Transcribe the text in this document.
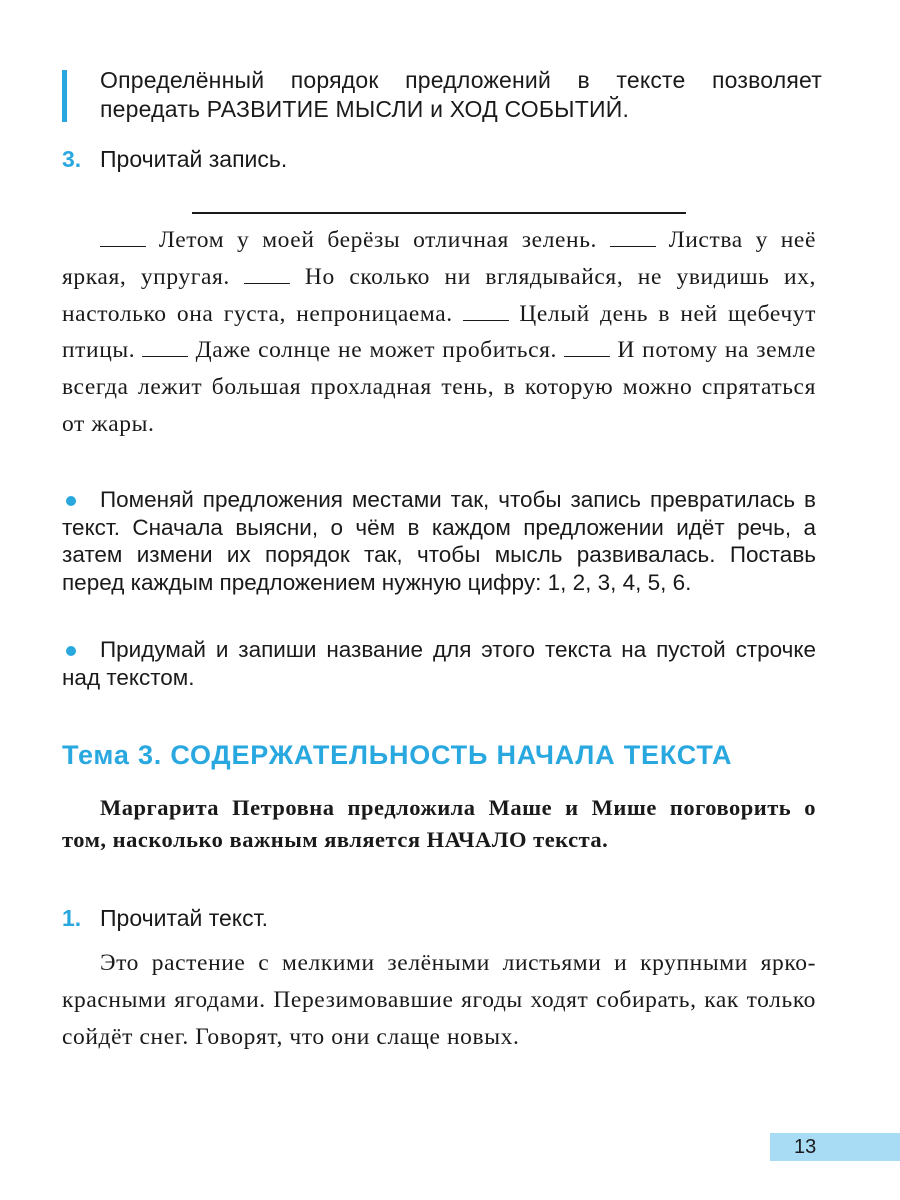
Определённый порядок предложений в тексте позволяет передать РАЗВИТИЕ МЫСЛИ и ХОД СОБЫТИЙ.
3. Прочитай запись.

Летом у моей берёзы отличная зелень.	Листва у неё яркая, упругая.	Но сколько ни вглядывайся, не увидишь их, настолько она густа, непроницаема.	Целый день в ней щебечут птицы.	Даже солнце не может пробиться.	И потому на земле всегда лежит большая прохладная тень, в которую можно спрятаться от жары.

Поменяй предложения местами так, чтобы запись превратилась в текст. Сначала выясни, о чём в каждом предложении идёт речь, а затем измени их порядок так, чтобы мысль развивалась. Поставь перед каждым предложением нужную цифру: 1, 2, 3, 4, 5, 6.
Придумай и запиши название для этого текста на пустой строчке над текстом.
Тема 3. СОДЕРЖАТЕЛЬНОСТЬ НАЧАЛА ТЕКСТА
Маргарита Петровна предложила Маше и Мише поговорить о том, насколько важным является НАЧАЛО текста.
1. Прочитай текст.

Это растение с мелкими зелёными листьями и крупными ярко-красными ягодами. Перезимовавшие ягоды ходят собирать, как только сойдёт снег. Говорят, что они слаще новых.

13
